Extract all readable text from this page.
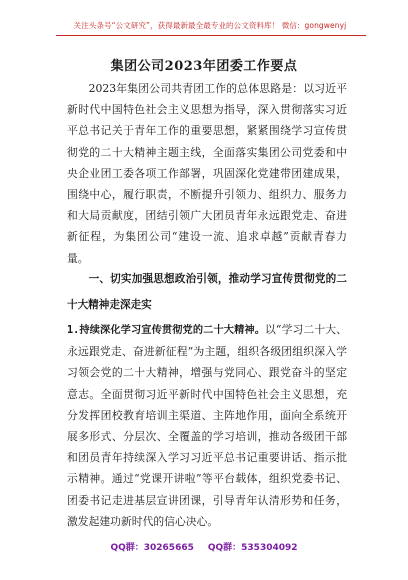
关注头条号“公文研究”，获得最新最全最专业的公文资料库！ 微信：gongwenyj
集团公司2023年团委工作要点

2023年集团公司共青团工作的总体思路是：以习近平新时代中国特色社会主义思想为指导，深入贯彻落实习近平总书记关于青年工作的重要思想，紧紧围绕学习宣传贯彻党的二十大精神主题主线，全面落实集团公司党委和中央企业团工委各项工作部署，巩固深化党建带团建成果，围绕中心，履行职责，不断提升引领力、组织力、服务力和大局贡献度，团结引领广大团员青年永远跟党走、奋进新征程，为集团公司“建设一流、追求卓越”贡献青春力量。

一、切实加强思想政治引领，推动学习宣传贯彻党的二十大精神走深走实

1.持续深化学习宣传贯彻党的二十大精神。以“学习二十大、永远跟党走、奋进新征程”为主题，组织各级团组织深入学习领会党的二十大精神，增强与党同心、跟党奋斗的坚定意志。全面贯彻习近平新时代中国特色社会主义思想，充分发挥团校教育培训主渠道、主阵地作用，面向全系统开展多形式、分层次、全覆盖的学习培训，推动各级团干部和团员青年持续深入学习习近平总书记重要讲话、指示批示精神。通过“党课开讲啦”等平台载体，组织党委书记、团委书记走进基层宣讲团课，引导青年认清形势和任务，激发起建功新时代的信心决心。

QQ群：30265665 QQ群：535304092
